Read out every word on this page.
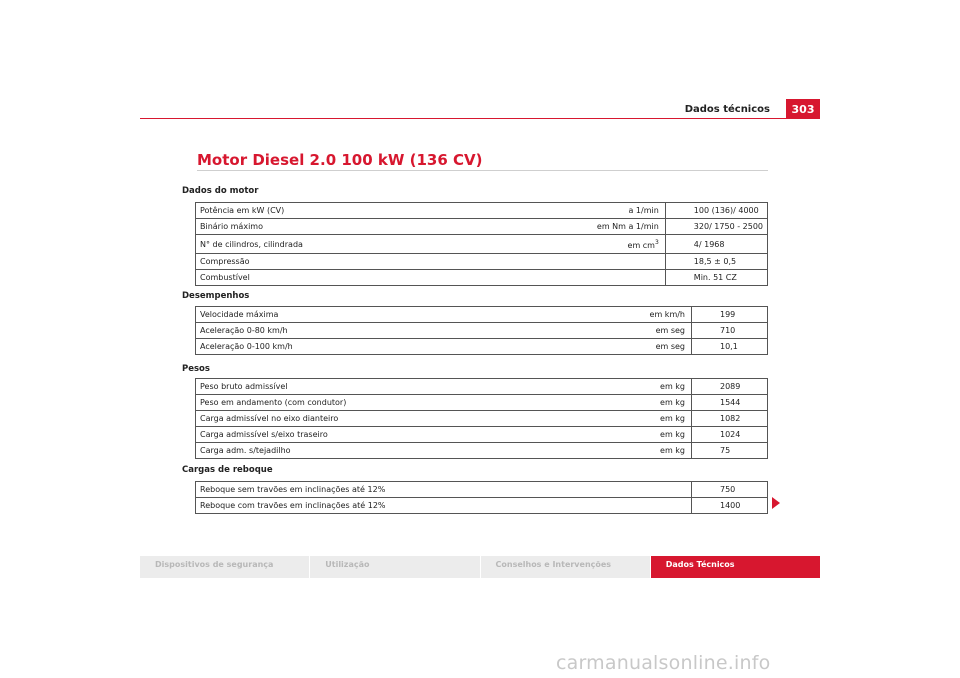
Dados técnicos	303
Motor Diesel 2.0 100 kW (136 CV)
Dados do motor
Potência em kW (CV)	a 1/min	100 (136)/ 4000
Binário máximo	em Nm a 1/min	320/ 1750 - 2500
N° de cilindros, cilindrada	em $cm^3$	4/ 1968
Compressão		18,5 ± 0,5
Combustível		Min. 51 CZ
Desempenhos
Velocidade máxima	em km/h	199
Aceleração 0-80 km/h	em seg	710
Aceleração 0-100 km/h	em seg	10,1
Pesos
Peso bruto admissível	em kg	2089
Peso em andamento (com condutor)	em kg	1544
Carga admissível no eixo dianteiro	em kg	1082
Carga admissível s/eixo traseiro	em kg	1024
Carga adm. s/tejadilho	em kg	75
Cargas de reboque
Reboque sem travões em inclinações até 12%		750
Reboque com travões em inclinações até 12%		1400
Dispositivos de segurança	Utilização	Conselhos e Intervenções	Dados Técnicos
carmanualsonline.info
